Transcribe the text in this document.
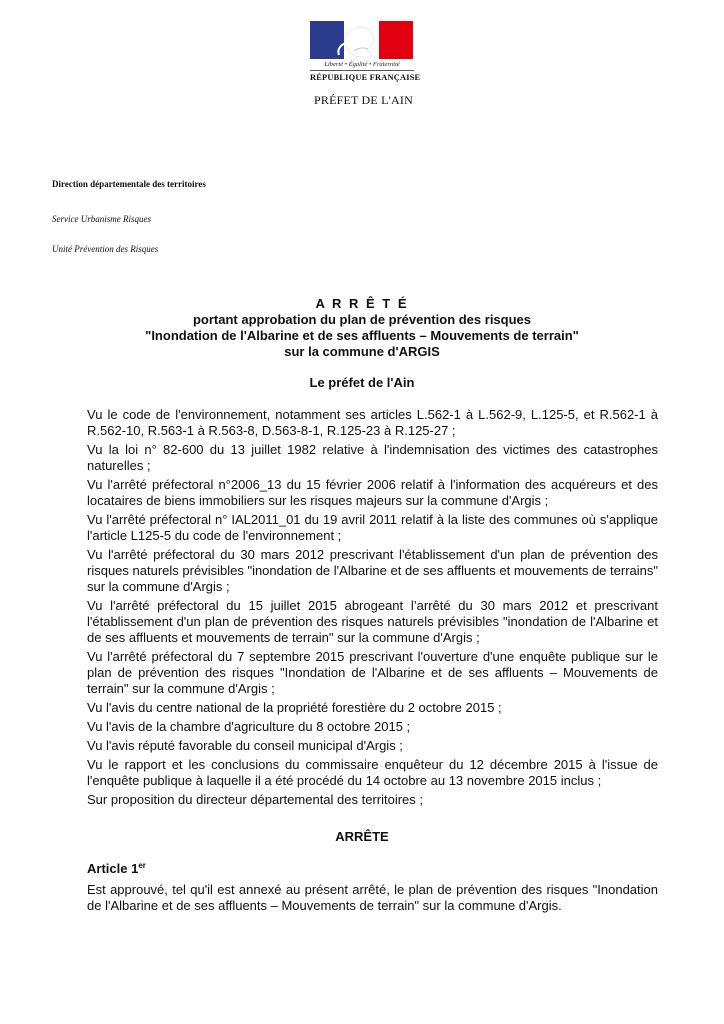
Liberté • Égalité • Fraternité
RÉPUBLIQUE FRANÇAISE
PRÉFET DE L'AIN
Direction départementale des territoires
Service Urbanisme Risques
Unité Prévention des Risques
A R R Ê T É
portant approbation du plan de prévention des risques
"Inondation de l'Albarine et de ses affluents – Mouvements de terrain"
sur la commune d'ARGIS
Le préfet de l'Ain

Vu le code de l'environnement, notamment ses articles L.562-1 à L.562-9, L.125-5, et R.562-1 à R.562-10, R.563-1 à R.563-8, D.563-8-1, R.125-23 à R.125-27 ;

Vu la loi n° 82-600 du 13 juillet 1982 relative à l'indemnisation des victimes des catastrophes naturelles ;

Vu l'arrêté préfectoral n°2006_13 du 15 février 2006 relatif à l'information des acquéreurs et des locataires de biens immobiliers sur les risques majeurs sur la commune d'Argis ;

Vu l'arrêté préfectoral n° IAL2011_01 du 19 avril 2011 relatif à la liste des communes où s'applique l'article L125-5 du code de l'environnement ;

Vu l'arrêté préfectoral du 30 mars 2012 prescrivant l'établissement d'un plan de prévention des risques naturels prévisibles "inondation de l'Albarine et de ses affluents et mouvements de terrains" sur la commune d'Argis ;

Vu l'arrêté préfectoral du 15 juillet 2015 abrogeant l’arrêté du 30 mars 2012 et prescrivant l'établissement d'un plan de prévention des risques naturels prévisibles "inondation de l'Albarine et de ses affluents et mouvements de terrain" sur la commune d'Argis ;

Vu l'arrêté préfectoral du 7 septembre 2015 prescrivant l'ouverture d'une enquête publique sur le plan de prévention des risques "Inondation de l'Albarine et de ses affluents – Mouvements de terrain" sur la commune d'Argis ;

Vu l'avis du centre national de la propriété forestière du 2 octobre 2015 ;

Vu l'avis de la chambre d'agriculture du 8 octobre 2015 ;

Vu l'avis réputé favorable du conseil municipal d'Argis ;

Vu le rapport et les conclusions du commissaire enquêteur du 12 décembre 2015 à l'issue de l'enquête publique à laquelle il a été procédé du 14 octobre au 13 novembre 2015 inclus ;

Sur proposition du directeur départemental des territoires ;

ARRÊTE
Article 1er

Est approuvé, tel qu'il est annexé au présent arrêté, le plan de prévention des risques "Inondation de l'Albarine et de ses affluents – Mouvements de terrain" sur la commune d'Argis.
